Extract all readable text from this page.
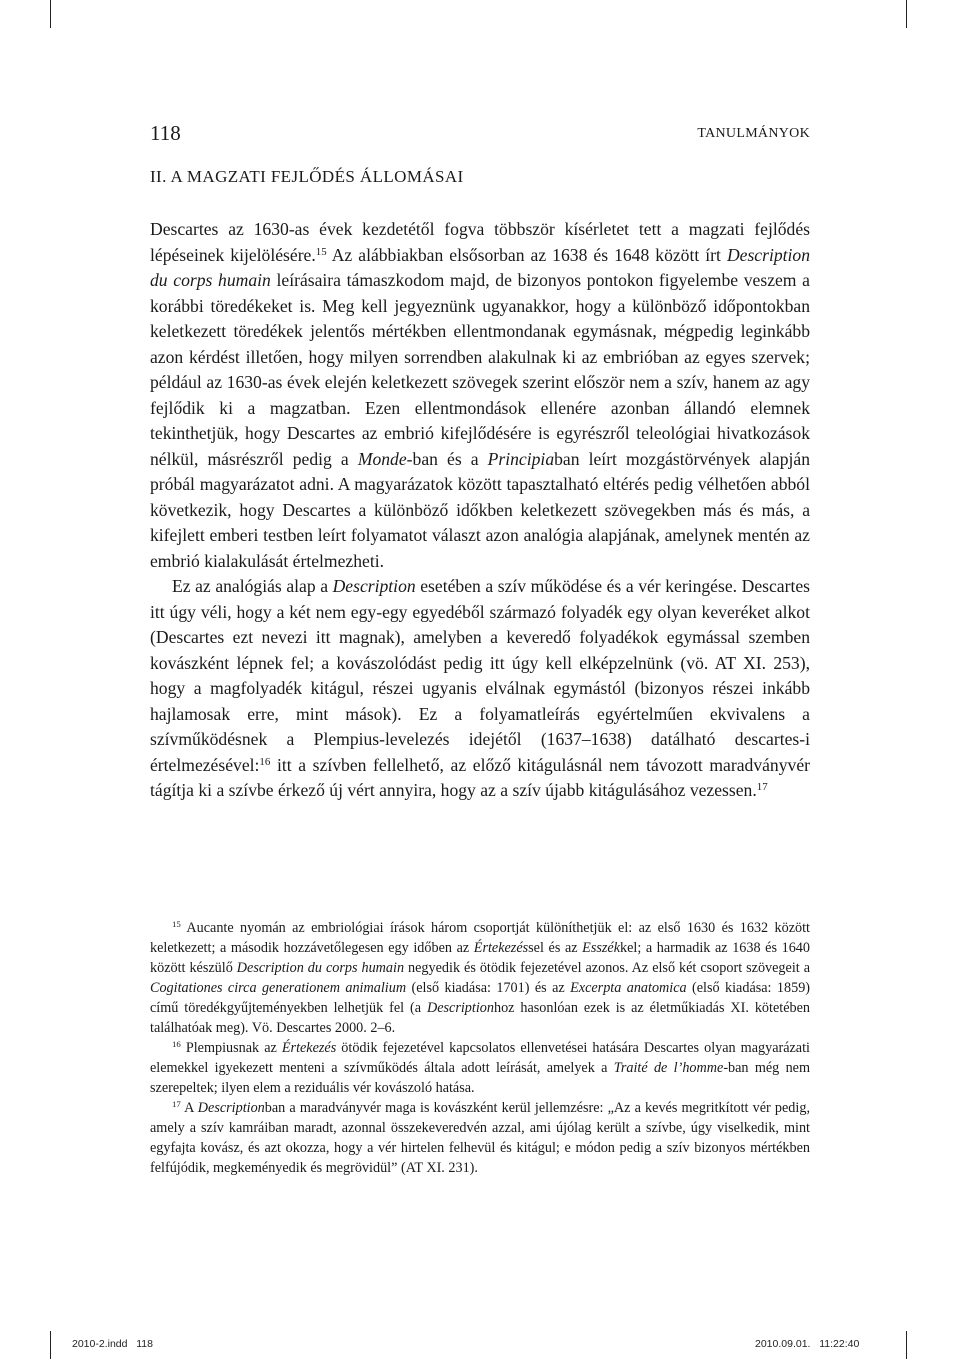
118	TANULMÁNYOK
II. A MAGZATI FEJLŐDÉS ÁLLOMÁSAI

Descartes az 1630-as évek kezdetétől fogva többször kísérletet tett a magzati fejlődés lépéseinek kijelölésére.$^{15}$ Az alábbiakban elsősorban az 1638 és 1648 között írt Description du corps humain leírásaira támaszkodom majd, de bizonyos pontokon figyelembe veszem a korábbi töredékeket is. Meg kell jegyeznünk ugyanakkor, hogy a különböző időpontokban keletkezett töredékek jelentős mértékben ellentmondanak egymásnak, mégpedig leginkább azon kérdést illetően, hogy milyen sorrendben alakulnak ki az embrióban az egyes szervek; például az 1630-as évek elején keletkezett szövegek szerint először nem a szív, hanem az agy fejlődik ki a magzatban. Ezen ellentmondások ellenére azonban állandó elemnek tekinthetjük, hogy Descartes az embrió kifejlődésére is egyrészről teleológiai hivatkozások nélkül, másrészről pedig a Monde-ban és a Principiaban leírt mozgástörvények alapján próbál magyarázatot adni. A magyarázatok között tapasztalható eltérés pedig vélhetően abból következik, hogy Descartes a különböző időkben keletkezett szövegekben más és más, a kifejlett emberi testben leírt folyamatot választ azon analógia alapjának, amelynek mentén az embrió kialakulását értelmezheti.

Ez az analógiás alap a Description esetében a szív működése és a vér keringése. Descartes itt úgy véli, hogy a két nem egy-egy egyedéből származó folyadék egy olyan keveréket alkot (Descartes ezt nevezi itt magnak), amelyben a keveredő folyadékok egymással szemben kovászként lépnek fel; a kovászolódást pedig itt úgy kell elképzelnünk (vö. AT XI. 253), hogy a magfolyadék kitágul, részei ugyanis elválnak egymástól (bizonyos részei inkább hajlamosak erre, mint mások). Ez a folyamatleírás egyértelműen ekvivalens a szívműködésnek a Plempius-levelezés idejétől (1637–1638) datálható descartes-i értelmezésével:$^{16}$ itt a szívben fellelhető, az előző kitágulásnál nem távozott maradványvér tágítja ki a szívbe érkező új vért annyira, hogy az a szív újabb kitágulásához vezessen.$^{17}$

$^{15}$ Aucante nyomán az embriológiai írások három csoportját különíthetjük el: az első 1630 és 1632 között keletkezett; a második hozzávetőlegesen egy időben az Értekezéssel és az Esszékkel; a harmadik az 1638 és 1640 között készülő Description du corps humain negyedik és ötödik fejezetével azonos. Az első két csoport szövegeit a Cogitationes circa generationem animalium (első kiadása: 1701) és az Excerpta anatomica (első kiadása: 1859) című töredékgyűjteményekben lelhetjük fel (a Descriptionhoz hasonlóan ezek is az életműkiadás XI. kötetében találhatóak meg). Vö. Descartes 2000. 2–6.

$^{16}$ Plempiusnak az Értekezés ötödik fejezetével kapcsolatos ellenvetései hatására Descartes olyan magyarázati elemekkel igyekezett menteni a szívműködés általa adott leírását, amelyek a Traité de l’homme-ban még nem szerepeltek; ilyen elem a reziduális vér kovászoló hatása.

$^{17}$ A Descriptionban a maradványvér maga is kovászként kerül jellemzésre: „Az a kevés megritkított vér pedig, amely a szív kamráiban maradt, azonnal összekeveredvén azzal, ami újólag került a szívbe, úgy viselkedik, mint egyfajta kovász, és azt okozza, hogy a vér hirtelen felhevül és kitágul; e módon pedig a szív bizonyos mértékben felfújódik, megkeményedik és megrövidül” (AT XI. 231).

2010-2.indd   118	2010.09.01.   11:22:40
